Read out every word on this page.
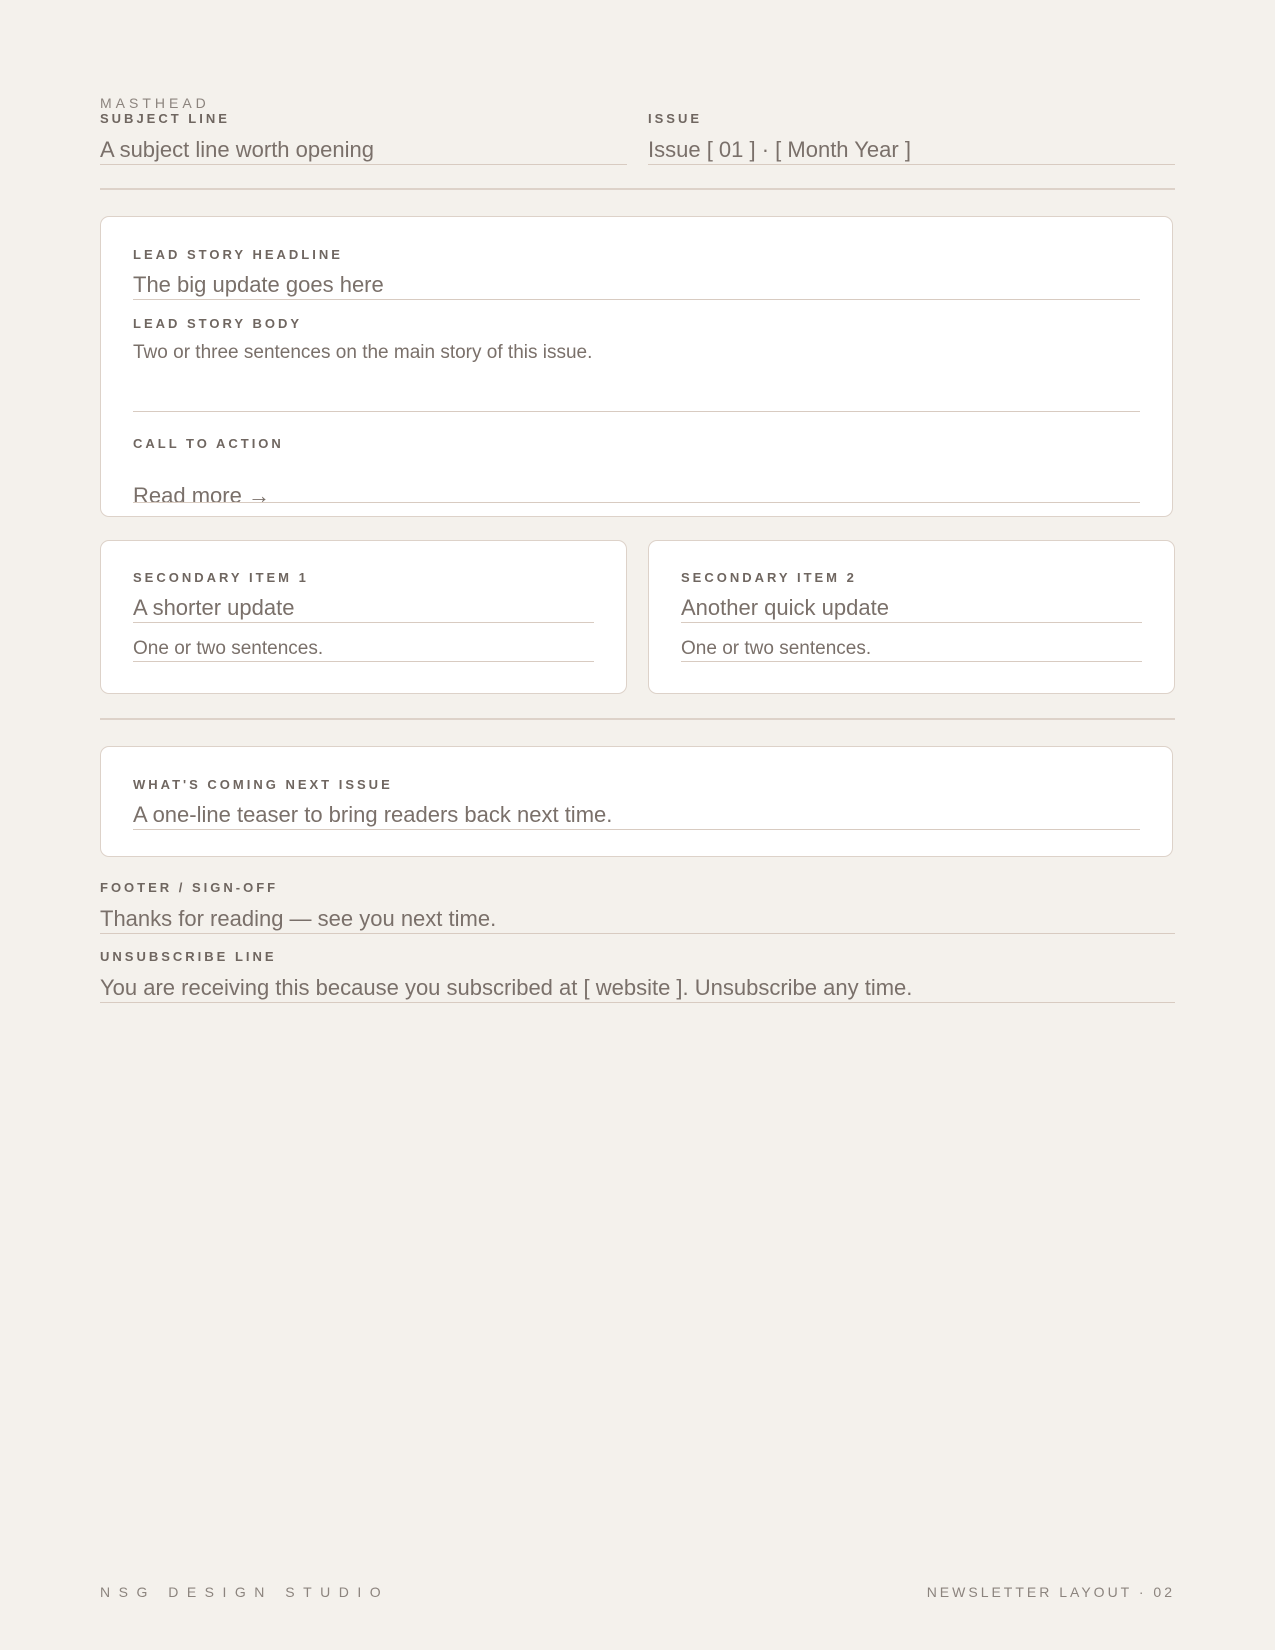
MASTHEAD
SUBJECT LINE
A subject line worth opening
ISSUE
Issue [ 01 ] · [ Month Year ]
LEAD STORY HEADLINE
The big update goes here
LEAD STORY BODY
Two or three sentences on the main story of this issue.
CALL TO ACTION
Read more →
SECONDARY ITEM 1
A shorter update
One or two sentences.
SECONDARY ITEM 2
Another quick update
One or two sentences.
WHAT'S COMING NEXT ISSUE
A one-line teaser to bring readers back next time.
FOOTER / SIGN-OFF
Thanks for reading — see you next time.
UNSUBSCRIBE LINE
You are receiving this because you subscribed at [ website ]. Unsubscribe any time.
NSG DESIGN STUDIO	NEWSLETTER LAYOUT · 02
